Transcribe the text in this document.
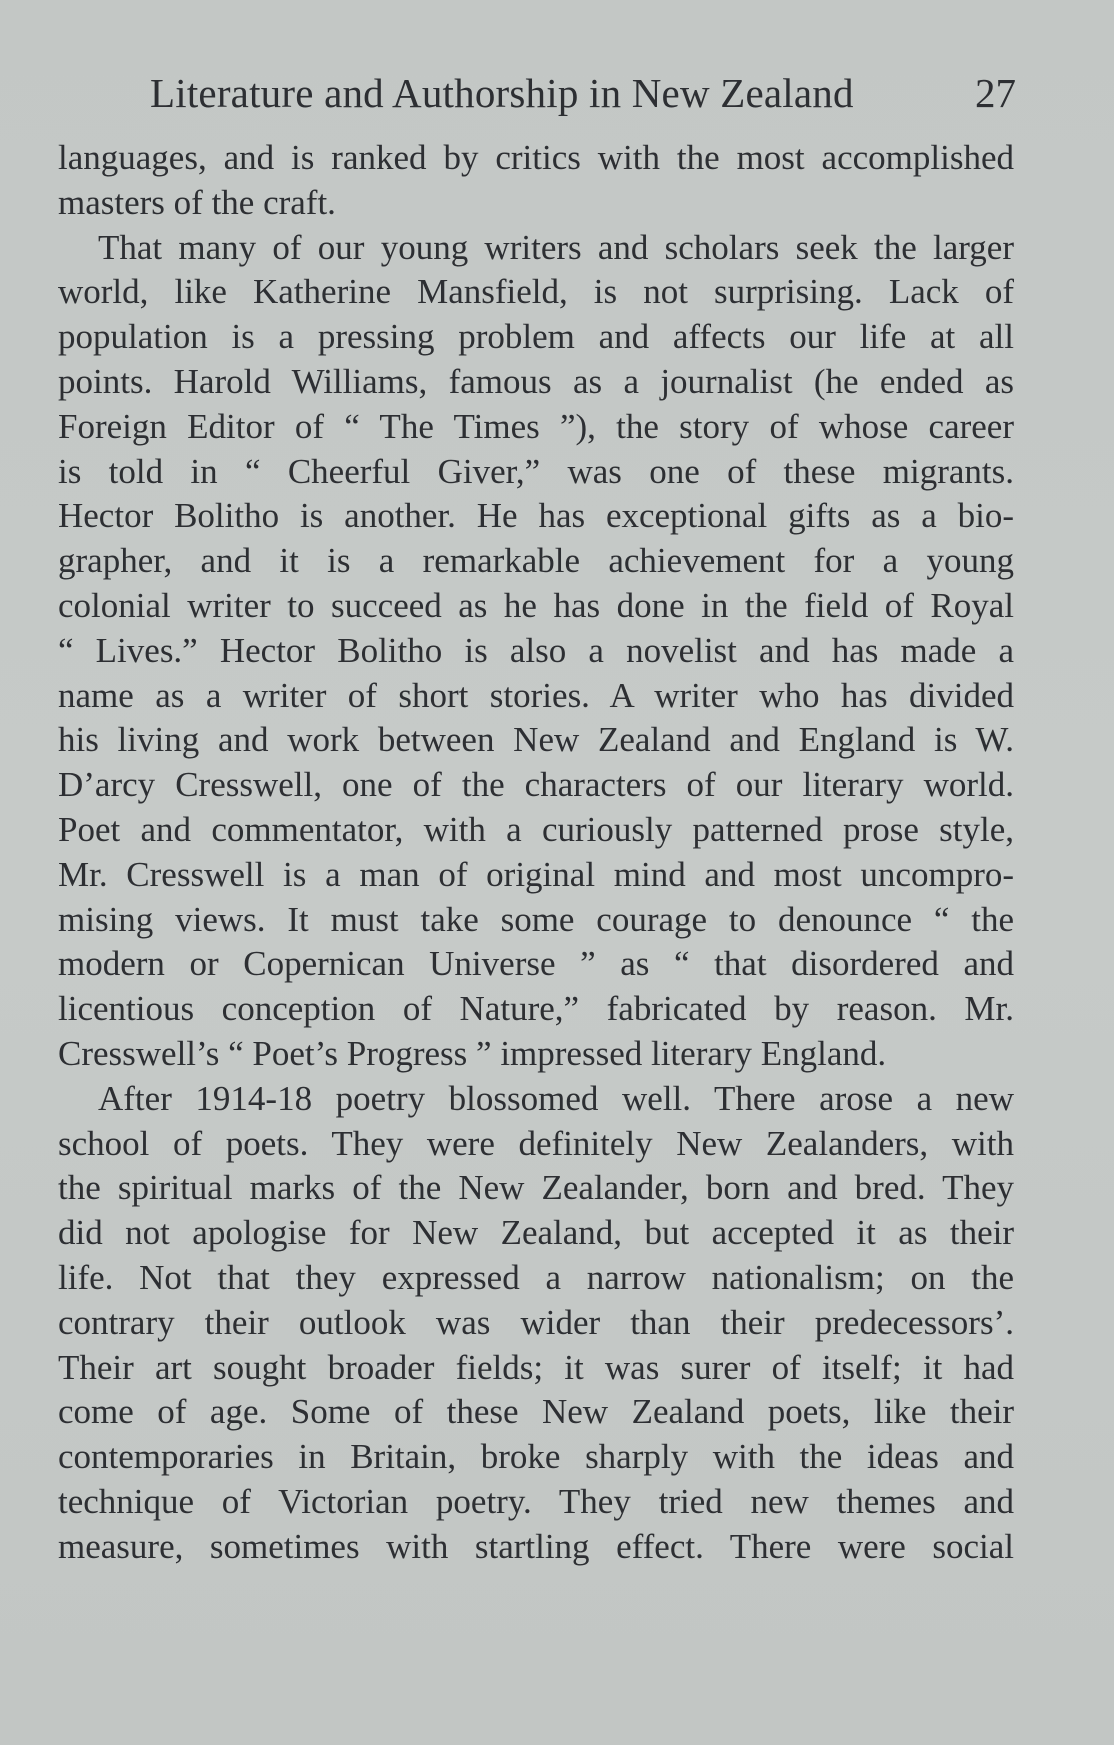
Literature and Authorship in New Zealand	27
languages, and is ranked by critics with the most accomplished
masters of the craft.
That many of our young writers and scholars seek the larger
world, like Katherine Mansfield, is not surprising. Lack of
population is a pressing problem and affects our life at all
points. Harold Williams, famous as a journalist (he ended as
Foreign Editor of “ The Times ”), the story of whose career
is told in “ Cheerful Giver,” was one of these migrants.
Hector Bolitho is another. He has exceptional gifts as a bio-
grapher, and it is a remarkable achievement for a young
colonial writer to succeed as he has done in the field of Royal
“ Lives.” Hector Bolitho is also a novelist and has made a
name as a writer of short stories. A writer who has divided
his living and work between New Zealand and England is W.
D’arcy Cresswell, one of the characters of our literary world.
Poet and commentator, with a curiously patterned prose style,
Mr. Cresswell is a man of original mind and most uncompro-
mising views. It must take some courage to denounce “ the
modern or Copernican Universe ” as “ that disordered and
licentious conception of Nature,” fabricated by reason. Mr.
Cresswell’s “ Poet’s Progress ” impressed literary England.
After 1914-18 poetry blossomed well. There arose a new
school of poets. They were definitely New Zealanders, with
the spiritual marks of the New Zealander, born and bred. They
did not apologise for New Zealand, but accepted it as their
life. Not that they expressed a narrow nationalism; on the
contrary their outlook was wider than their predecessors’.
Their art sought broader fields; it was surer of itself; it had
come of age. Some of these New Zealand poets, like their
contemporaries in Britain, broke sharply with the ideas and
technique of Victorian poetry. They tried new themes and
measure, sometimes with startling effect. There were social
